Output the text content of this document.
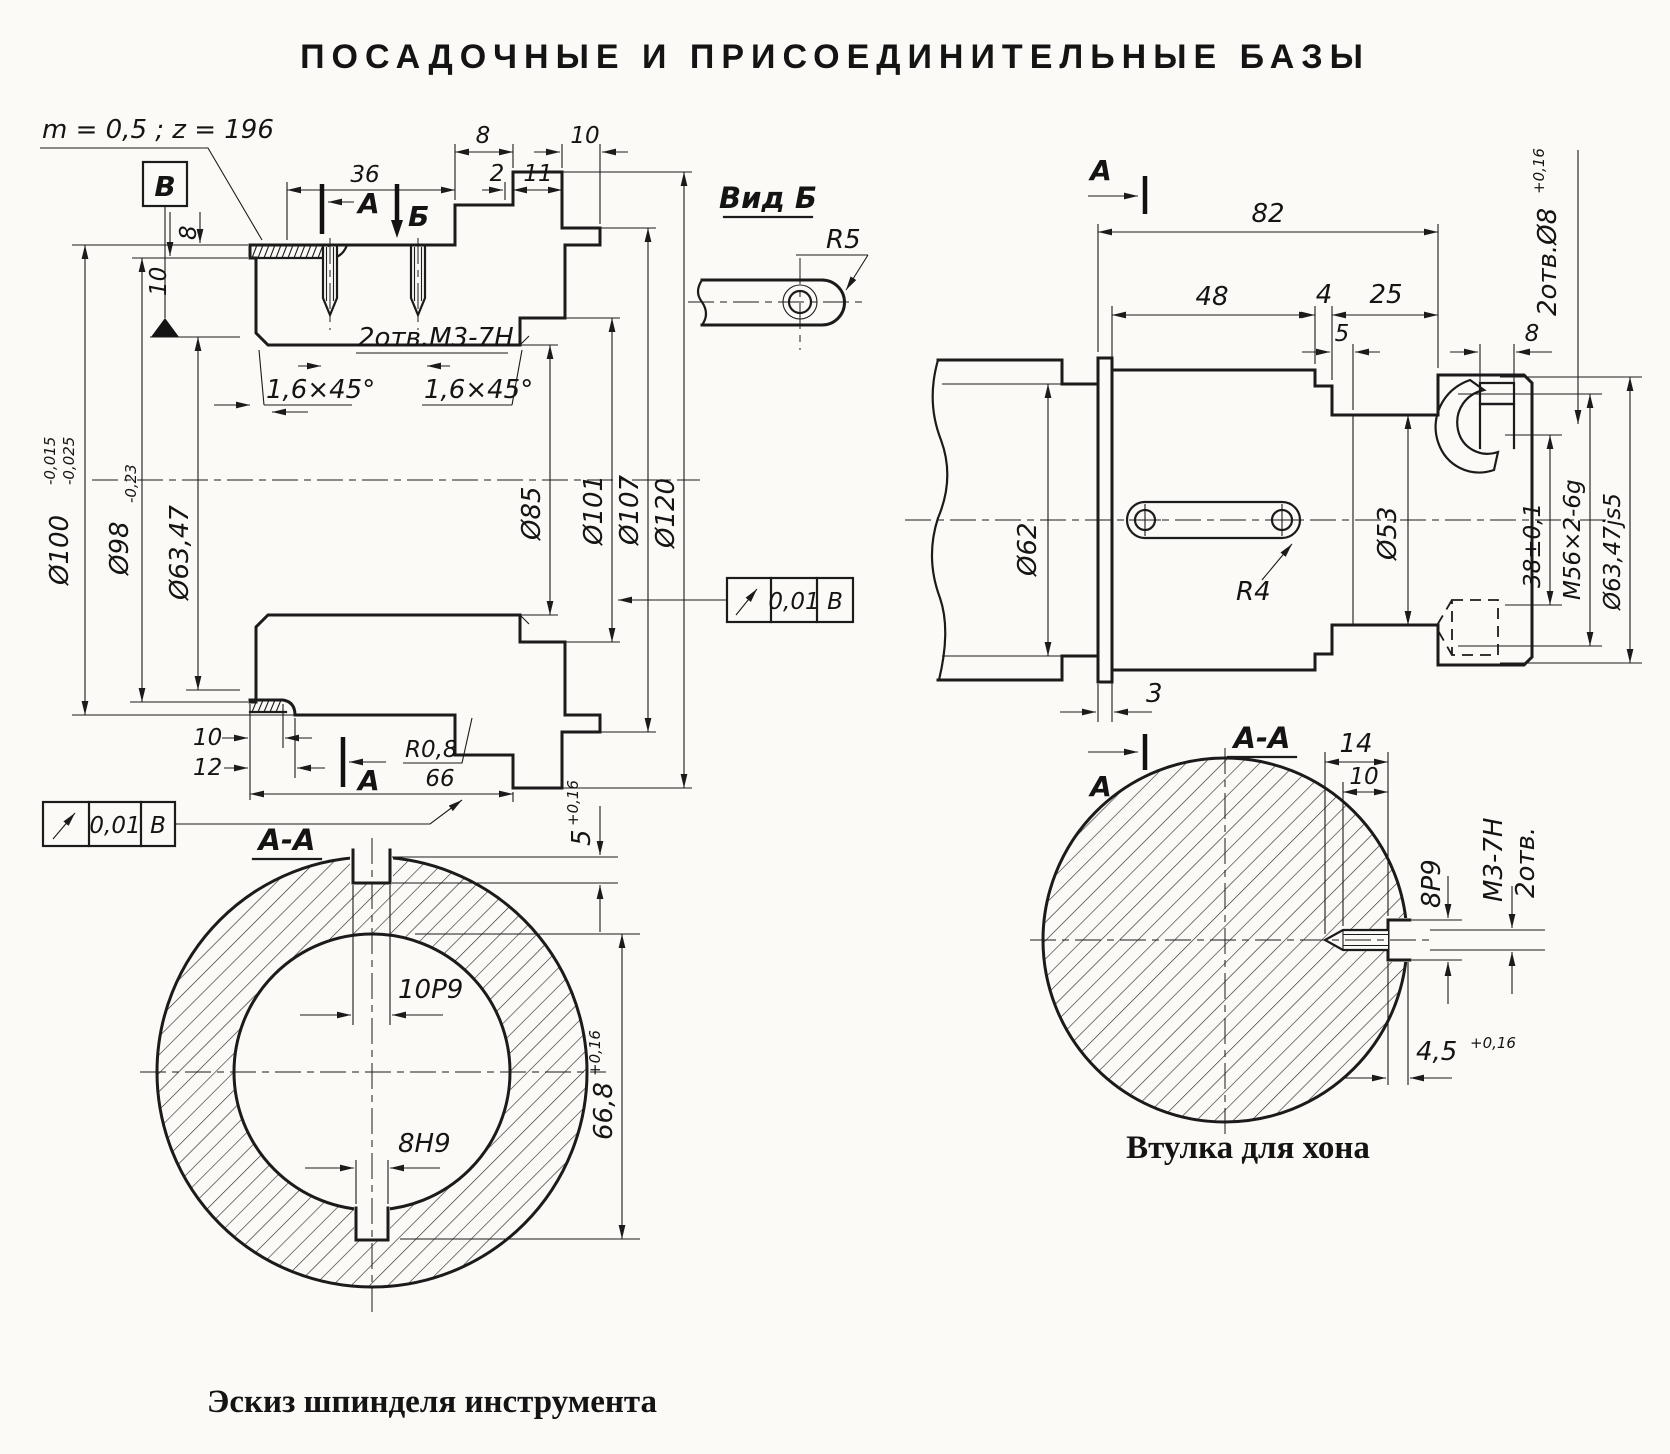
ПОСАДОЧНЫЕ И ПРИСОЕДИНИТЕЛЬНЫЕ БАЗЫ
m = 0,5 ; z = 196
В	36	2 11
8	10
А Б
8
10
Ø100
-0,015 -0,025
Ø98
-0,23
Ø63,47
2отв.М3-7Н
1,6×45° 1,6×45°
Ø85 Ø101 Ø107 Ø120
0,01 В
10
12
R0,8
66
А
0,01 В
Вид Б
R5
А-А
10Р9
8Н9
66,8
+0,16
5
+0,16
R4
А
А
82
48	4 25
5	8
2отв.Ø8
+0,16
Ø62	Ø53
3
38±0,1 М56×2-6g Ø63,47js5
А-А 14
10
8Р9 М3-7Н 2отв.
4,5 +0,16
Эскиз шпинделя инструмента
Втулка для хона
